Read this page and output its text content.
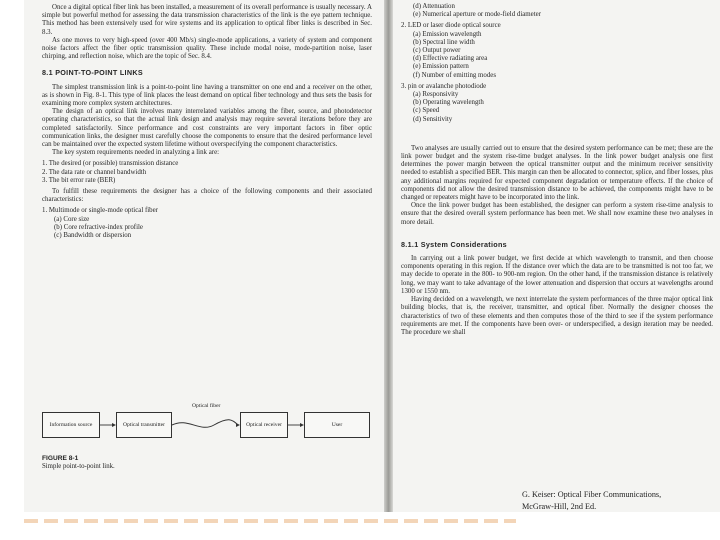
Once a digital optical fiber link has been installed, a measurement of its overall performance is usually necessary. A simple but powerful method for assessing the data transmission characteristics of the link is the eye pattern technique. This method has been extensively used for wire systems and its application to optical fiber links is described in Sec. 8.3.

As one moves to very high-speed (over 400 Mb/s) single-mode applications, a variety of system and component noise factors affect the fiber optic transmission quality. These include modal noise, mode-partition noise, laser chirping, and reflection noise, which are the topic of Sec. 8.4.

8.1 POINT-TO-POINT LINKS

The simplest transmission link is a point-to-point line having a transmitter on one end and a receiver on the other, as is shown in Fig. 8-1. This type of link places the least demand on optical fiber technology and thus sets the basis for examining more complex system architectures.

The design of an optical link involves many interrelated variables among the fiber, source, and photodetector operating characteristics, so that the actual link design and analysis may require several iterations before they are completed satisfactorily. Since performance and cost constraints are very important factors in fiber optic communication links, the designer must carefully choose the components to ensure that the desired performance level can be maintained over the expected system lifetime without overspecifying the component characteristics.

The key system requirements needed in analyzing a link are:

1. The desired (or possible) transmission distance
2. The data rate or channel bandwidth
3. The bit error rate (BER)

To fulfill these requirements the designer has a choice of the following components and their associated characteristics:

1. Multimode or single-mode optical fiber
(a) Core size
(b) Core refractive-index profile
(c) Bandwidth or dispersion
Information source	Optical transmitter	Optical receiver	User
Optical fiber
FIGURE 8-1
Simple point-to-point link.
(d) Attenuation
(e) Numerical aperture or mode-field diameter
2. LED or laser diode optical source
(a) Emission wavelength
(b) Spectral line width
(c) Output power
(d) Effective radiating area
(e) Emission pattern
(f) Number of emitting modes
3. pin or avalanche photodiode
(a) Responsivity
(b) Operating wavelength
(c) Speed
(d) Sensitivity

Two analyses are usually carried out to ensure that the desired system performance can be met; these are the link power budget and the system rise-time budget analyses. In the link power budget analysis one first determines the power margin between the optical transmitter output and the minimum receiver sensitivity needed to establish a specified BER. This margin can then be allocated to connector, splice, and fiber losses, plus any additional margins required for expected component degradation or temperature effects. If the choice of components did not allow the desired transmission distance to be achieved, the components might have to be changed or repeaters might have to be incorporated into the link.

Once the link power budget has been established, the designer can perform a system rise-time analysis to ensure that the desired overall system performance has been met. We shall now examine these two analyses in more detail.

8.1.1 System Considerations

In carrying out a link power budget, we first decide at which wavelength to transmit, and then choose components operating in this region. If the distance over which the data are to be transmitted is not too far, we may decide to operate in the 800- to 900-nm region. On the other hand, if the transmission distance is relatively long, we may want to take advantage of the lower attenuation and dispersion that occurs at wavelengths around 1300 or 1550 nm.

Having decided on a wavelength, we next interrelate the system performances of the three major optical link building blocks, that is, the receiver, transmitter, and optical fiber. Normally the designer chooses the characteristics of two of these elements and then computes those of the third to see if the system performance requirements are met. If the components have been over- or underspecified, a design iteration may be needed. The procedure we shall

G. Keiser: Optical Fiber Communications,
McGraw-Hill, 2nd Ed.
